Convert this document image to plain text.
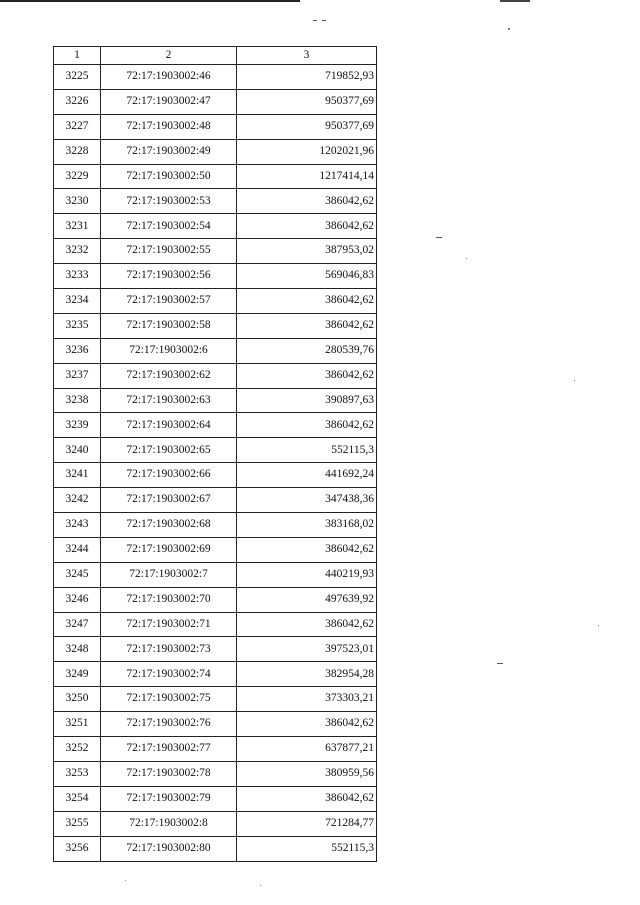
1	2	3
3225	72:17:1903002:46	719852,93
3226	72:17:1903002:47	950377,69
3227	72:17:1903002:48	950377,69
3228	72:17:1903002:49	1202021,96
3229	72:17:1903002:50	1217414,14
3230	72:17:1903002:53	386042,62
3231	72:17:1903002:54	386042,62
3232	72:17:1903002:55	387953,02
3233	72:17:1903002:56	569046,83
3234	72:17:1903002:57	386042,62
3235	72:17:1903002:58	386042,62
3236	72:17:1903002:6	280539,76
3237	72:17:1903002:62	386042,62
3238	72:17:1903002:63	390897,63
3239	72:17:1903002:64	386042,62
3240	72:17:1903002:65	552115,3
3241	72:17:1903002:66	441692,24
3242	72:17:1903002:67	347438,36
3243	72:17:1903002:68	383168,02
3244	72:17:1903002:69	386042,62
3245	72:17:1903002:7	440219,93
3246	72:17:1903002:70	497639,92
3247	72:17:1903002:71	386042,62
3248	72:17:1903002:73	397523,01
3249	72:17:1903002:74	382954,28
3250	72:17:1903002:75	373303,21
3251	72:17:1903002:76	386042,62
3252	72:17:1903002:77	637877,21
3253	72:17:1903002:78	380959,56
3254	72:17:1903002:79	386042,62
3255	72:17:1903002:8	721284,77
3256	72:17:1903002:80	552115,3
